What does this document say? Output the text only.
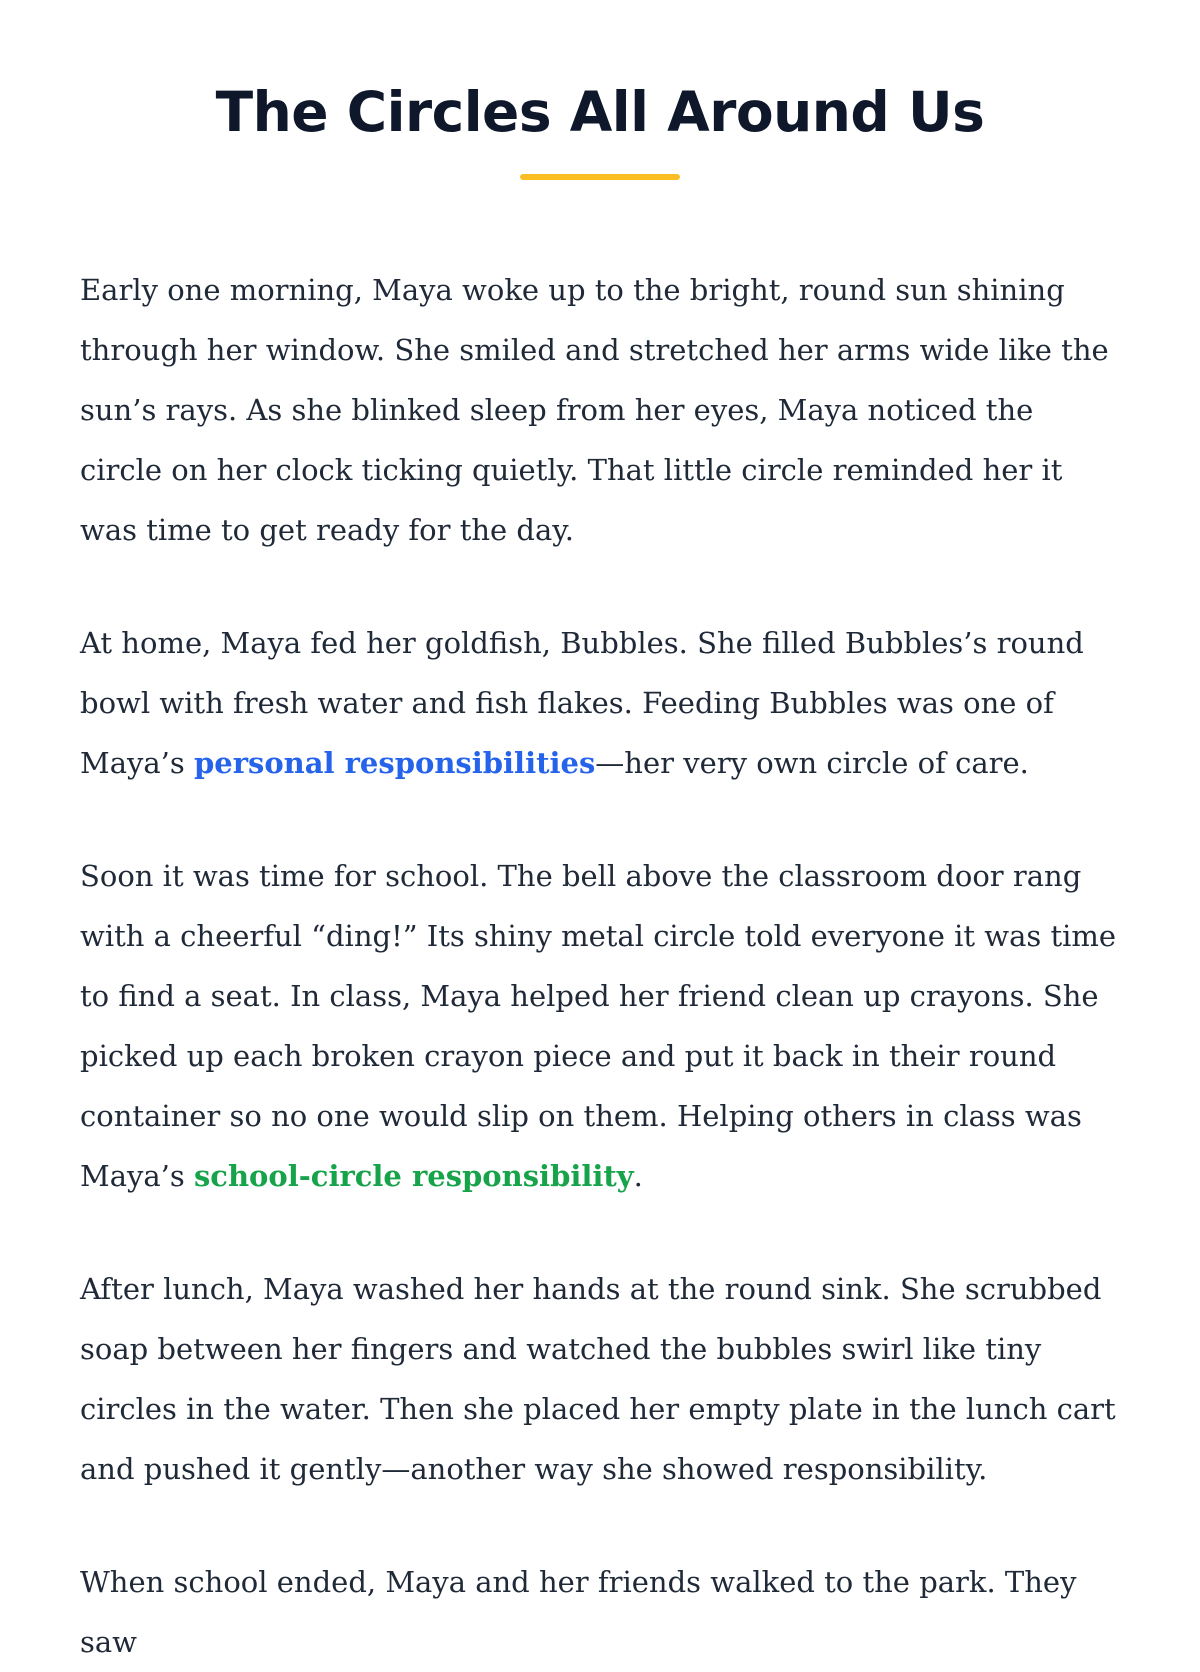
The Circles All Around Us

Early one morning, Maya woke up to the bright, round sun shining through her window. She smiled and stretched her arms wide like the sun’s rays. As she blinked sleep from her eyes, Maya noticed the circle on her clock ticking quietly. That little circle reminded her it was time to get ready for the day.

At home, Maya fed her goldfish, Bubbles. She filled Bubbles’s round bowl with fresh water and fish flakes. Feeding Bubbles was one of Maya’s personal responsibilities—her very own circle of care.

Soon it was time for school. The bell above the classroom door rang with a cheerful “ding!” Its shiny metal circle told everyone it was time to find a seat. In class, Maya helped her friend clean up crayons. She picked up each broken crayon piece and put it back in their round container so no one would slip on them. Helping others in class was Maya’s school-circle responsibility.

After lunch, Maya washed her hands at the round sink. She scrubbed soap between her fingers and watched the bubbles swirl like tiny circles in the water. Then she placed her empty plate in the lunch cart and pushed it gently—another way she showed responsibility.

When school ended, Maya and her friends walked to the park. They saw
